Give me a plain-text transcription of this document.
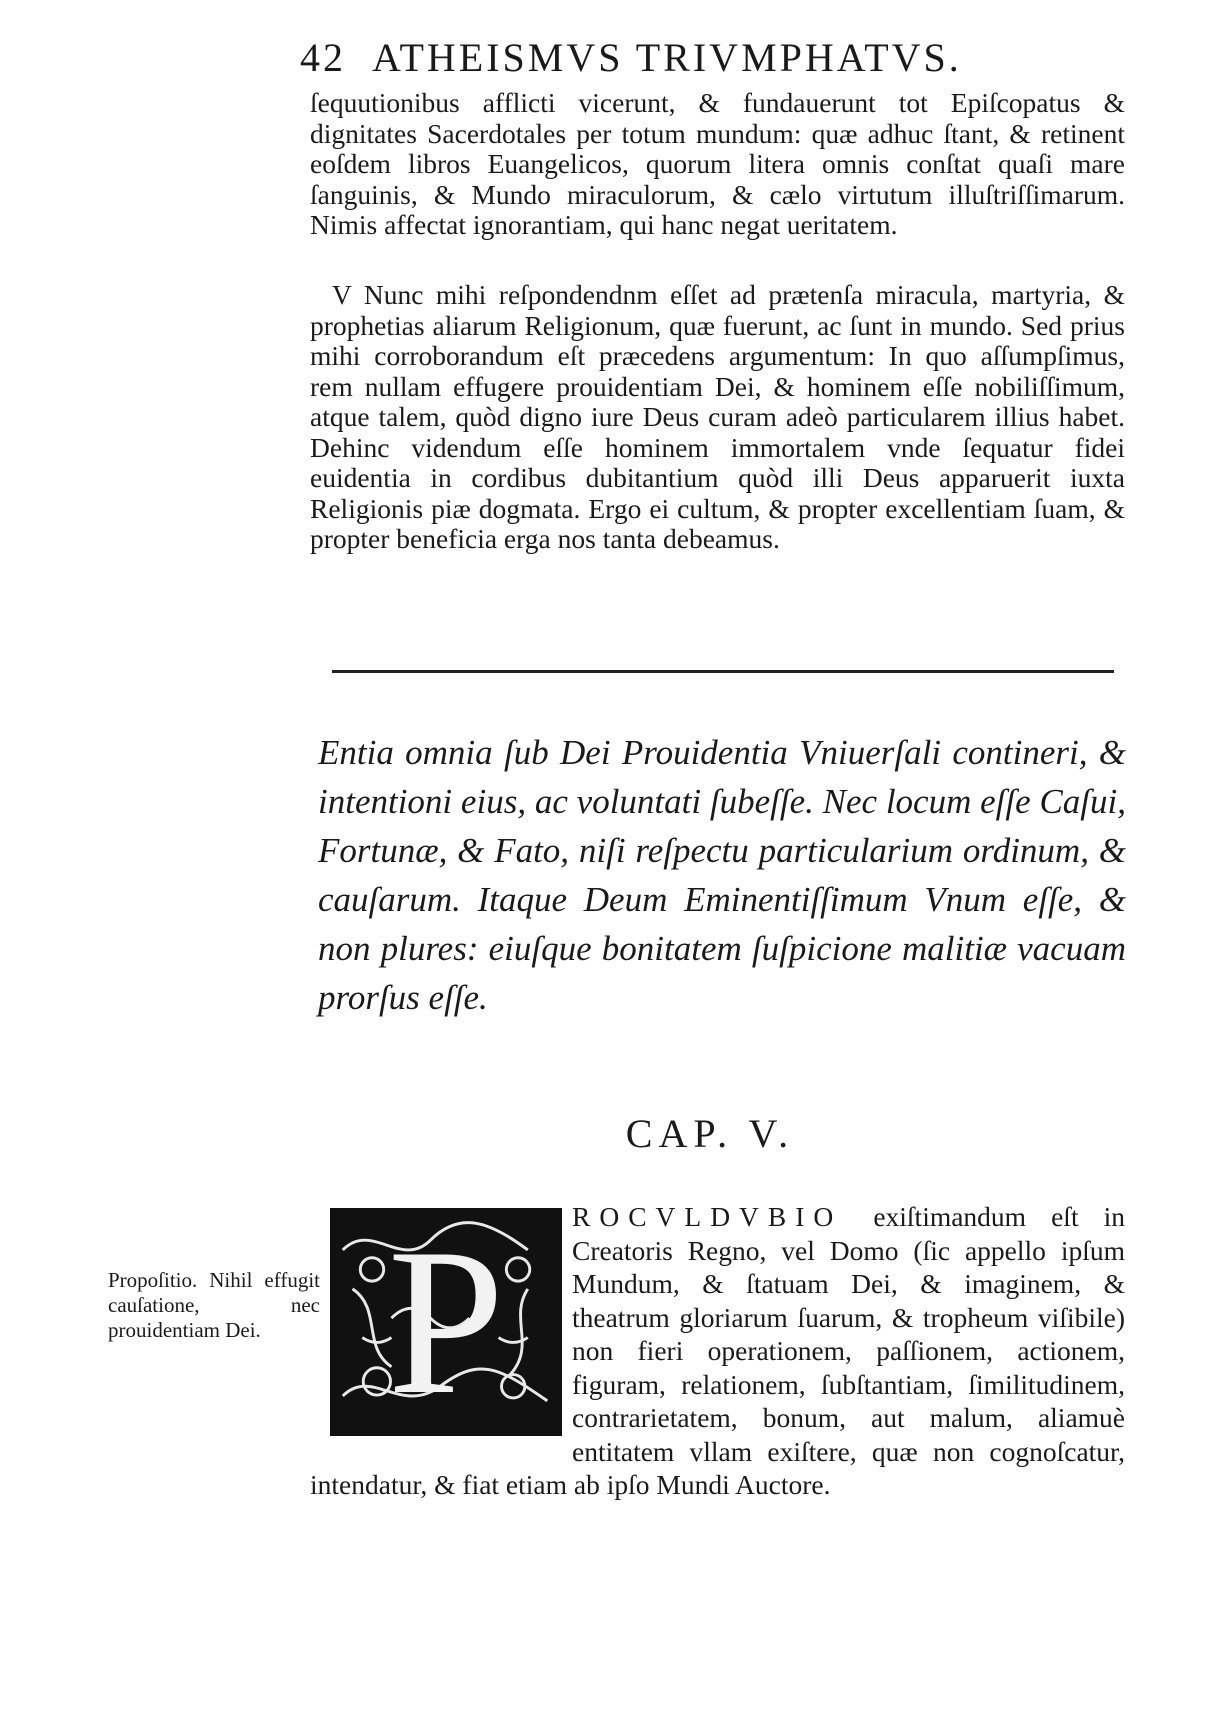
42 ATHEISMVS TRIVMPHATVS.
ſequutionibus afflicti vicerunt, & fundauerunt tot Epiſcopatus & dignitates Sacerdotales per totum mundum: quæ adhuc ſtant, & retinent eoſdem libros Euangelicos, quorum litera omnis conſtat quaſi mare ſanguinis, & Mundo miraculorum, & cælo virtutum illuſtriſſimarum. Nimis affectat ignorantiam, qui hanc negat ueritatem.
V Nunc mihi reſpondendnm eſſet ad prætenſa miracula, martyria, & prophetias aliarum Religionum, quæ fuerunt, ac ſunt in mundo. Sed prius mihi corroborandum eſt præcedens argumentum: In quo aſſumpſimus, rem nullam effugere prouidentiam Dei, & hominem eſſe nobiliſſimum, atque talem, quòd digno iure Deus curam adeò particularem illius habet. Dehinc videndum eſſe hominem immortalem vnde ſequatur fidei euidentia in cordibus dubitantium quòd illi Deus apparuerit iuxta Religionis piæ dogmata. Ergo ei cultum, & propter excellentiam ſuam, & propter beneficia erga nos tanta debeamus.
Entia omnia ſub Dei Prouidentia Vniuerſali contineri, & intentioni eius, ac voluntati ſubeſſe. Nec locum eſſe Caſui, Fortunæ, & Fato, niſi reſpectu particularium ordinum, & cauſarum. Itaque Deum Eminentiſſimum Vnum eſſe, & non plures: eiuſque bonitatem ſuſpicione malitiæ vacuam prorſus eſſe.
CAP. V.
Propoſitio. Nihil effugit cauſatione, nec prouidentiam Dei.
ROCVLDVBIO exiſtimandum eſt in Creatoris Regno, vel Domo (ſic appello ipſum Mundum, & ſtatuam Dei, & imaginem, & theatrum gloriarum ſuarum, & tropheum viſibile) non fieri operationem, paſſionem, actionem, figuram, relationem, ſubſtantiam, ſimilitudinem, contrarietatem, bonum, aut malum, aliamuè entitatem vllam exiſtere, quæ non cognoſcatur, intendatur, & fiat etiam ab ipſo Mundi Auctore.
P
